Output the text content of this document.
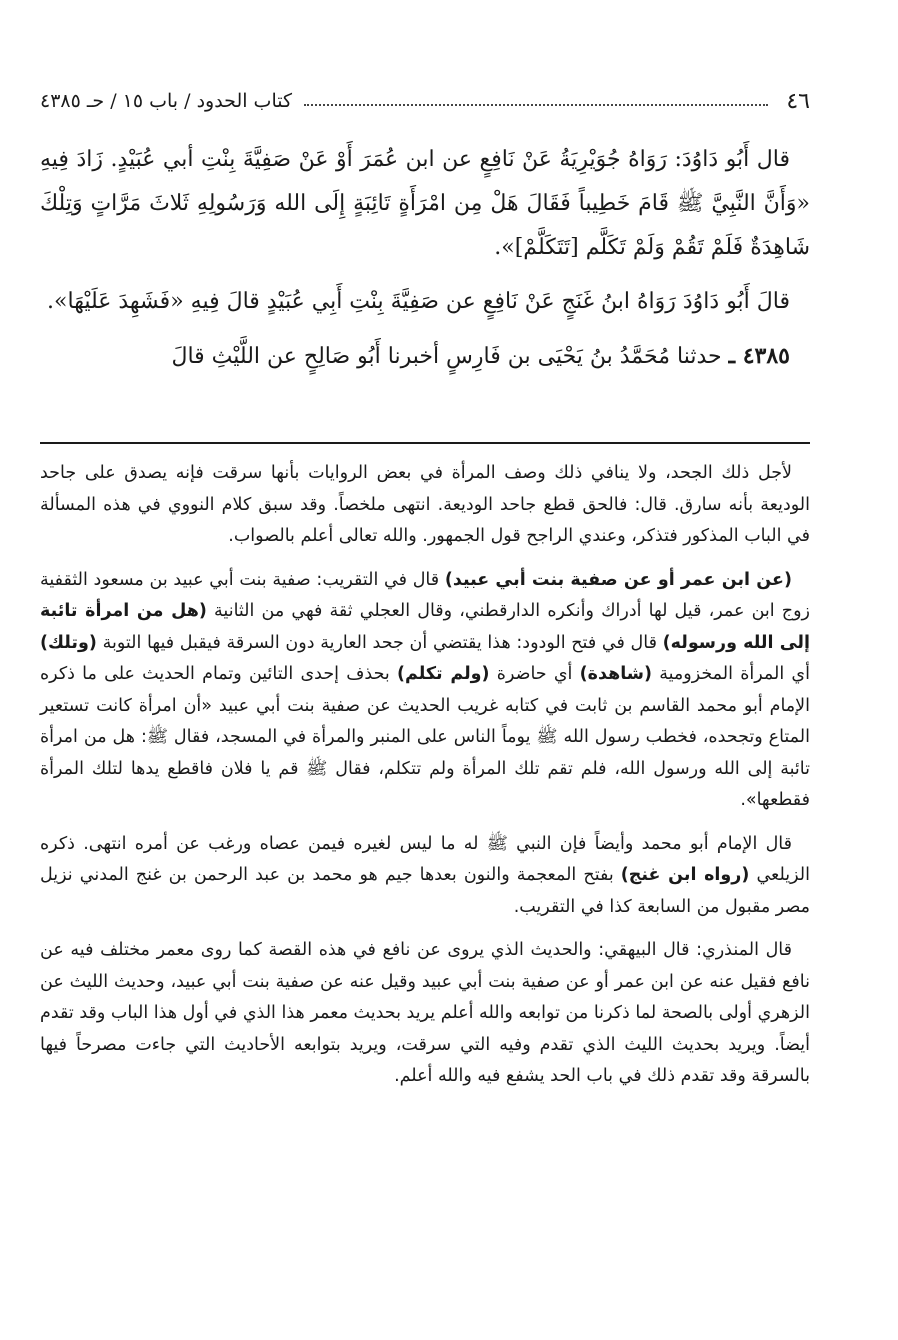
٤٦
كتاب الحدود / باب ١٥ / حـ ٤٣٨٥

قال أَبُو دَاوُدَ: رَوَاهُ جُوَيْرِيَةُ عَنْ نَافِعٍ عن ابن عُمَرَ أَوْ عَنْ صَفِيَّةَ بِنْتِ أبي عُبَيْدٍ. زَادَ فِيهِ «وَأَنَّ النَّبِيَّ ﷺ قَامَ خَطِيباً فَقَالَ هَلْ مِن امْرَأَةٍ تَائِبَةٍ إِلَى الله وَرَسُولِهِ ثَلاثَ مَرَّاتٍ وَتِلْكَ شَاهِدَةٌ فَلَمْ تَقُمْ وَلَمْ تَكَلَّم [تَتَكَلَّمْ]».

قالَ أَبُو دَاوُدَ رَوَاهُ ابنُ غَنَجٍ عَنْ نَافِعٍ عن صَفِيَّةَ بِنْتِ أَبِي عُبَيْدٍ قالَ فِيهِ «فَشَهِدَ عَلَيْهَا».

٤٣٨٥ ـ حدثنا مُحَمَّدُ بنُ يَحْيَى بن فَارِسٍ أخبرنا أَبُو صَالِحٍ عن اللَّيْثِ قالَ

لأجل ذلك الجحد، ولا ينافي ذلك وصف المرأة في بعض الروايات بأنها سرقت فإنه يصدق على جاحد الوديعة بأنه سارق. قال: فالحق قطع جاحد الوديعة. انتهى ملخصاً. وقد سبق كلام النووي في هذه المسألة في الباب المذكور فتذكر، وعندي الراجح قول الجمهور. والله تعالى أعلم بالصواب.

(عن ابن عمر أو عن صفية بنت أبي عبيد) قال في التقريب: صفية بنت أبي عبيد بن مسعود الثقفية زوج ابن عمر، قيل لها أدراك وأنكره الدارقطني، وقال العجلي ثقة فهي من الثانية (هل من امرأة تائبة إلى الله ورسوله) قال في فتح الودود: هذا يقتضي أن جحد العارية دون السرقة فيقبل فيها التوبة (وتلك) أي المرأة المخزومية (شاهدة) أي حاضرة (ولم تكلم) بحذف إحدى التائين وتمام الحديث على ما ذكره الإمام أبو محمد القاسم بن ثابت في كتابه غريب الحديث عن صفية بنت أبي عبيد «أن امرأة كانت تستعير المتاع وتجحده، فخطب رسول الله ﷺ يوماً الناس على المنبر والمرأة في المسجد، فقال ﷺ: هل من امرأة تائبة إلى الله ورسول الله، فلم تقم تلك المرأة ولم تتكلم، فقال ﷺ قم يا فلان فاقطع يدها لتلك المرأة فقطعها».

قال الإمام أبو محمد وأيضاً فإن النبي ﷺ له ما ليس لغيره فيمن عصاه ورغب عن أمره انتهى. ذكره الزيلعي (رواه ابن غنج) بفتح المعجمة والنون بعدها جيم هو محمد بن عبد الرحمن بن غنج المدني نزيل مصر مقبول من السابعة كذا في التقريب.

قال المنذري: قال البيهقي: والحديث الذي يروى عن نافع في هذه القصة كما روى معمر مختلف فيه عن نافع فقيل عنه عن ابن عمر أو عن صفية بنت أبي عبيد وقيل عنه عن صفية بنت أبي عبيد، وحديث الليث عن الزهري أولى بالصحة لما ذكرنا من توابعه والله أعلم يريد بحديث معمر هذا الذي في أول هذا الباب وقد تقدم أيضاً. ويريد بحديث الليث الذي تقدم وفيه التي سرقت، ويريد بتوابعه الأحاديث التي جاءت مصرحاً فيها بالسرقة وقد تقدم ذلك في باب الحد يشفع فيه والله أعلم.
